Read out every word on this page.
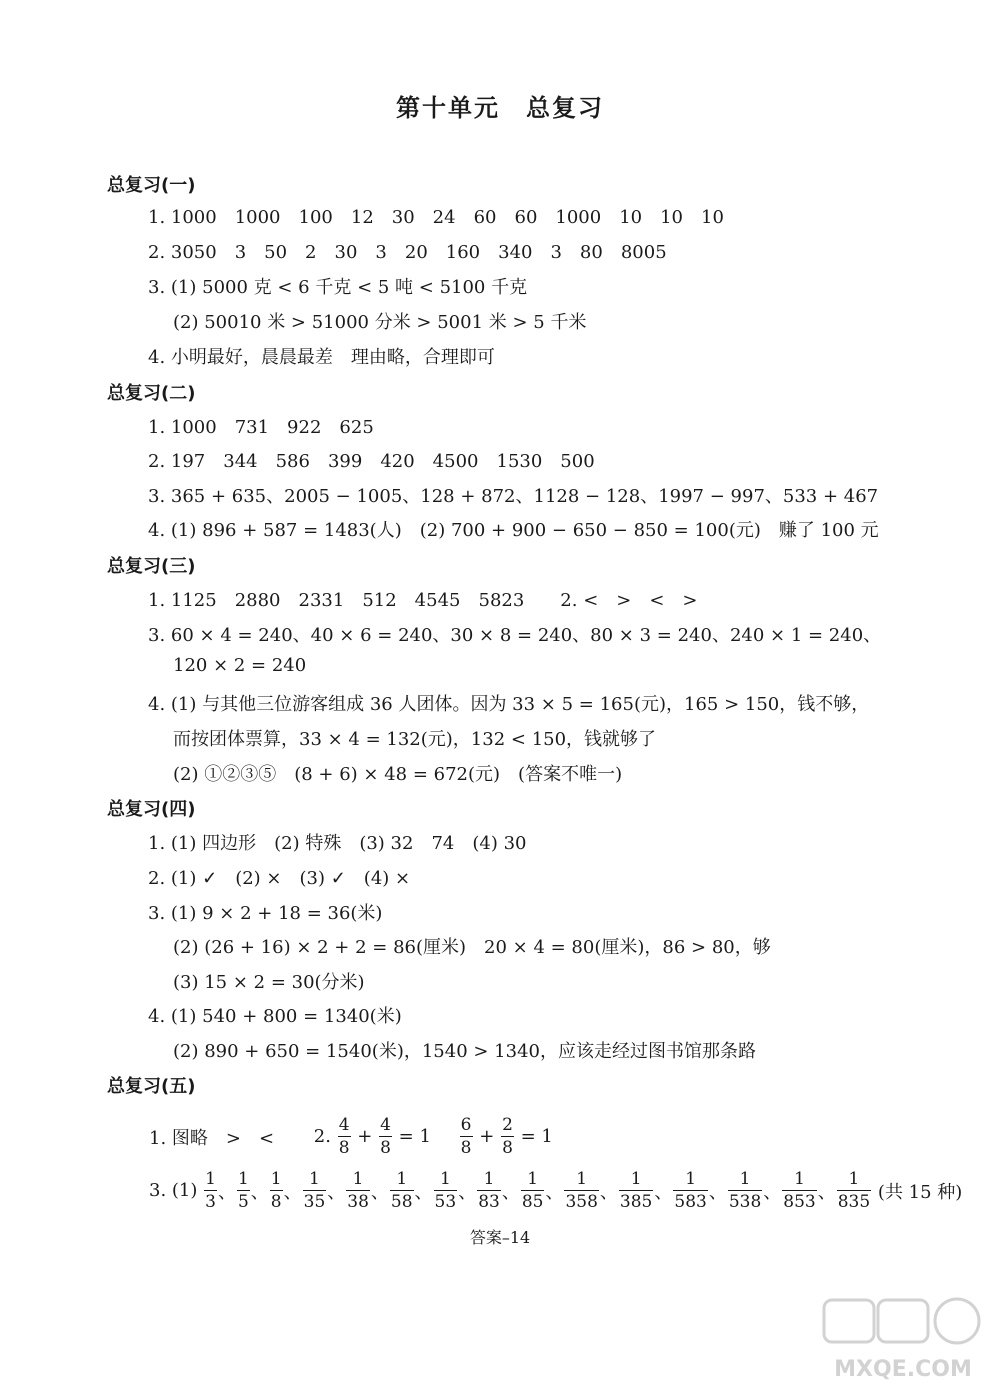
第十单元　总复习
总复习(一)
1. 1000　1000　100　12　30　24　60　60　1000　10　10　10
2. 3050　3　50　2　30　3　20　160　340　3　80　8005
3. (1) 5000 克 < 6 千克 < 5 吨 < 5100 千克
(2) 50010 米 > 51000 分米 > 5001 米 > 5 千米
4. 小明最好，晨晨最差　理由略，合理即可
总复习(二)
1. 1000　731　922　625
2. 197　344　586　399　420　4500　1530　500
3. 365 + 635、2005 − 1005、128 + 872、1128 − 128、1997 − 997、533 + 467
4. (1) 896 + 587 = 1483(人)　(2) 700 + 900 − 650 − 850 = 100(元)　赚了 100 元
总复习(三)
1. 1125　2880　2331　512　4545　5823　　2. <　>　<　>
3. 60 × 4 = 240、40 × 6 = 240、30 × 8 = 240、80 × 3 = 240、240 × 1 = 240、
120 × 2 = 240
4. (1) 与其他三位游客组成 36 人团体。因为 33 × 5 = 165(元)，165 > 150，钱不够，
而按团体票算，33 × 4 = 132(元)，132 < 150，钱就够了
(2) ①②③⑤　(8 + 6) × 48 = 672(元)　(答案不唯一)
总复习(四)
1. (1) 四边形　(2) 特殊　(3) 32　74　(4) 30
2. (1) ✓　(2) ×　(3) ✓　(4) ×
3. (1) 9 × 2 + 18 = 36(米)
(2) (26 + 16) × 2 + 2 = 86(厘米)　20 × 4 = 80(厘米)，86 > 80，够
(3) 15 × 2 = 30(分米)
4. (1) 540 + 800 = 1340(米)
(2) 890 + 650 = 1540(米)，1540 > 1340，应该走经过图书馆那条路
总复习(五)
1. 图略　>　< 2. $\frac{4}{8} + \frac{4}{8} = 1 \frac{6}{8} + \frac{2}{8} = 1$
3. $(1) \frac{1}{3}$ 、 $\frac{1}{5}$ 、 $\frac{1}{8}$ 、 $\frac{1}{35}$ 、 $\frac{1}{38}$ 、 $\frac{1}{58}$ 、 $\frac{1}{53}$ 、 $\frac{1}{83}$ 、 $\frac{1}{85}$ 、 $\frac{1}{358}$ 、 $\frac{1}{385}$ 、 $\frac{1}{583}$ 、 $\frac{1}{538}$ 、 $\frac{1}{853}$ 、 $\frac{1}{835}$ (共 15 种)
答案–14
MXQE.COM
